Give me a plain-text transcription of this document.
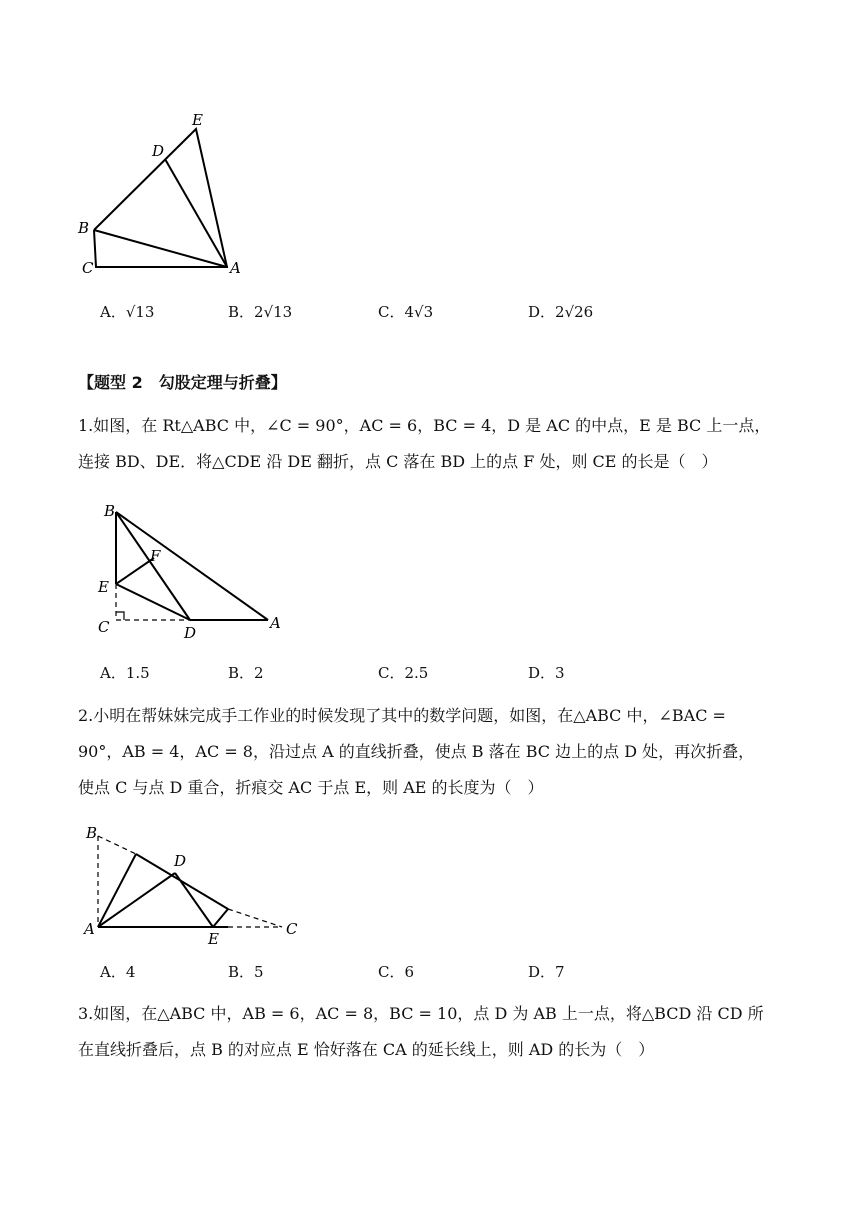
E
D
B
C	A
A．√13	B．2√13	C．4√3	D．2√26
【题型 2　勾股定理与折叠】
1.如图，在 Rt△ABC 中，∠C = 90°，AC = 6，BC = 4，D 是 AC 的中点，E 是 BC 上一点，
连接 BD、DE．将△CDE 沿 DE 翻折，点 C 落在 BD 上的点 F 处，则 CE 的长是（　）
B
F
E
C	D
A
A．1.5	B．2	C．2.5	D．3
2.小明在帮妹妹完成手工作业的时候发现了其中的数学问题，如图，在△ABC 中，∠BAC =
90°，AB = 4，AC = 8，沿过点 A 的直线折叠，使点 B 落在 BC 边上的点 D 处，再次折叠，
使点 C 与点 D 重合，折痕交 AC 于点 E，则 AE 的长度为（　）
B
D
A
E
C
A．4	B．5	C．6	D．7
3.如图，在△ABC 中，AB = 6，AC = 8，BC = 10，点 D 为 AB 上一点，将△BCD 沿 CD 所
在直线折叠后，点 B 的对应点 E 恰好落在 CA 的延长线上，则 AD 的长为（　）
